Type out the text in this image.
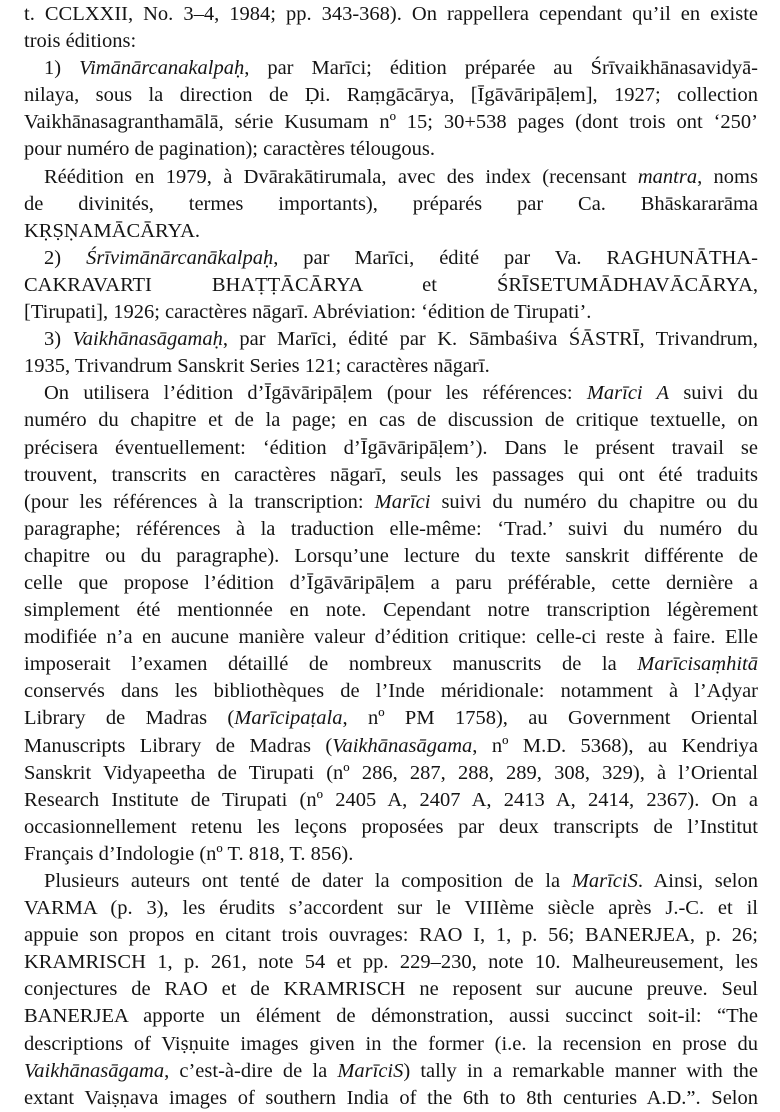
t. CCLXXII, No. 3–4, 1984; pp. 343-368). On rappellera cependant qu’il en existe
trois éditions:
1) Vimānārcanakalpaḥ, par Marīci; édition préparée au Śrīvaikhānasavidyā-
nilaya, sous la direction de Ḍi. Raṃgācārya, [Īgāvāripāḷem], 1927; collection
Vaikhānasagranthamālā, série Kusumam nº 15; 30+538 pages (dont trois ont ‘250’
pour numéro de pagination); caractères télougous.
Réédition en 1979, à Dvārakātirumala, avec des index (recensant mantra, noms
de divinités, termes importants), préparés par Ca. Bhāskararāma
KṚṢṆAMĀCĀRYA.
2) Śrīvimānārcanākalpaḥ, par Marīci, édité par Va. RAGHUNĀTHA-
CAKRAVARTI BHAṬṬĀCĀRYA et ŚRĪSETUMĀDHAVĀCĀRYA,
[Tirupati], 1926; caractères nāgarī. Abréviation: ‘édition de Tirupati’.
3) Vaikhānasāgamaḥ, par Marīci, édité par K. Sāmbaśiva ŚĀSTRĪ, Trivandrum,
1935, Trivandrum Sanskrit Series 121; caractères nāgarī.
On utilisera l’édition d’Īgāvāripāḷem (pour les références: Marīci A suivi du
numéro du chapitre et de la page; en cas de discussion de critique textuelle, on
précisera éventuellement: ‘édition d’Īgāvāripāḷem’). Dans le présent travail se
trouvent, transcrits en caractères nāgarī, seuls les passages qui ont été traduits
(pour les références à la transcription: Marīci suivi du numéro du chapitre ou du
paragraphe; références à la traduction elle-même: ‘Trad.’ suivi du numéro du
chapitre ou du paragraphe). Lorsqu’une lecture du texte sanskrit différente de
celle que propose l’édition d’Īgāvāripāḷem a paru préférable, cette dernière a
simplement été mentionnée en note. Cependant notre transcription légèrement
modifiée n’a en aucune manière valeur d’édition critique: celle-ci reste à faire. Elle
imposerait l’examen détaillé de nombreux manuscrits de la Marīcisaṃhitā
conservés dans les bibliothèques de l’Inde méridionale: notamment à l’Aḍyar
Library de Madras (Marīcipaṭala, nº PM 1758), au Government Oriental
Manuscripts Library de Madras (Vaikhānasāgama, nº M.D. 5368), au Kendriya
Sanskrit Vidyapeetha de Tirupati (nº 286, 287, 288, 289, 308, 329), à l’Oriental
Research Institute de Tirupati (nº 2405 A, 2407 A, 2413 A, 2414, 2367). On a
occasionnellement retenu les leçons proposées par deux transcripts de l’Institut
Français d’Indologie (nº T. 818, T. 856).
Plusieurs auteurs ont tenté de dater la composition de la MarīciS. Ainsi, selon
VARMA (p. 3), les érudits s’accordent sur le VIIIème siècle après J.-C. et il
appuie son propos en citant trois ouvrages: RAO I, 1, p. 56; BANERJEA, p. 26;
KRAMRISCH 1, p. 261, note 54 et pp. 229–230, note 10. Malheureusement, les
conjectures de RAO et de KRAMRISCH ne reposent sur aucune preuve. Seul
BANERJEA apporte un élément de démonstration, aussi succinct soit-il: “The
descriptions of Viṣṇuite images given in the former (i.e. la recension en prose du
Vaikhānasāgama, c’est-à-dire de la MarīciS) tally in a remarkable manner with the
extant Vaiṣṇava images of southern India of the 6th to 8th centuries A.D.”. Selon
